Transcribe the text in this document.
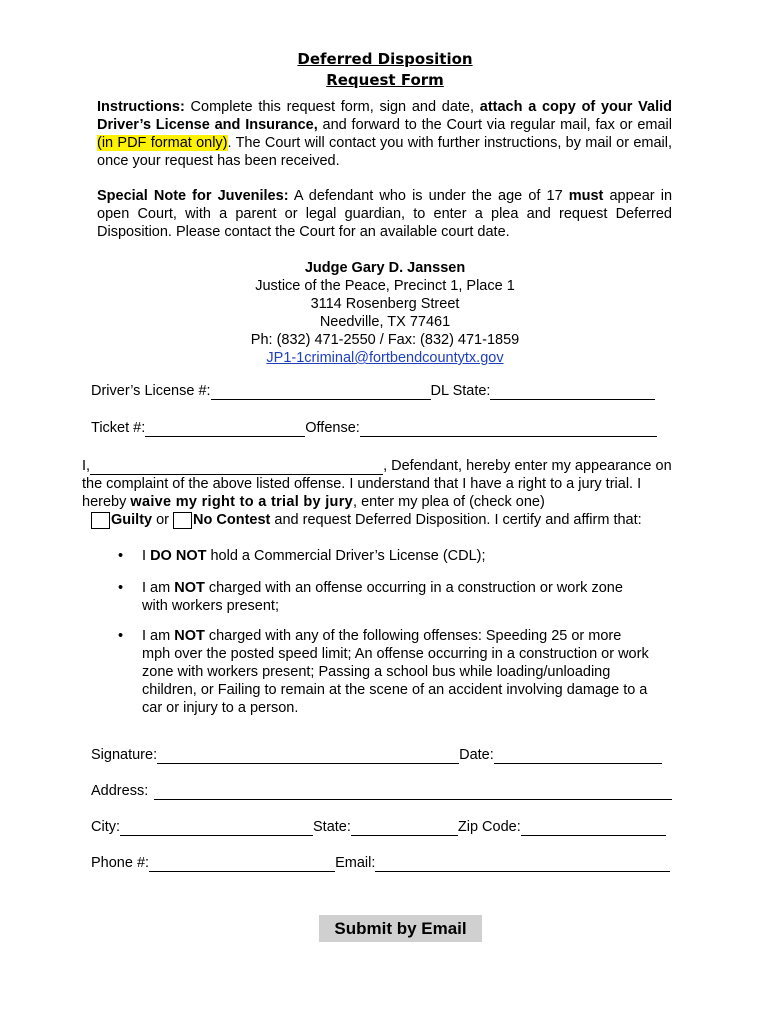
Deferred Disposition
Request Form
Instructions: Complete this request form, sign and date, attach a copy of your Valid Driver’s License and Insurance, and forward to the Court via regular mail, fax or email (in PDF format only). The Court will contact you with further instructions, by mail or email, once your request has been received.
Special Note for Juveniles: A defendant who is under the age of 17 must appear in open Court, with a parent or legal guardian, to enter a plea and request Deferred Disposition. Please contact the Court for an available court date.
Judge Gary D. Janssen
Justice of the Peace, Precinct 1, Place 1
3114 Rosenberg Street
Needville, TX 77461
Ph: (832) 471-2550 / Fax: (832) 471-1859
JP1-1criminal@fortbendcountytx.gov
Driver’s License #:	DL State:
Ticket #:	Offense:
I,	, Defendant, hereby enter my appearance on the complaint of the above listed offense. I understand that I have a right to a jury trial. I hereby waive my right to a trial by jury, enter my plea of (check one)
Guilty or No Contest and request Deferred Disposition. I certify and affirm that:
• I DO NOT hold a Commercial Driver’s License (CDL);
• I am NOT charged with an offense occurring in a construction or work zone with workers present;
• I am NOT charged with any of the following offenses: Speeding 25 or more mph over the posted speed limit; An offense occurring in a construction or work zone with workers present; Passing a school bus while loading/unloading children, or Failing to remain at the scene of an accident involving damage to a car or injury to a person.
Signature:	Date:
Address:
City:	State:	Zip Code:
Phone #:	Email:
Submit by Email
